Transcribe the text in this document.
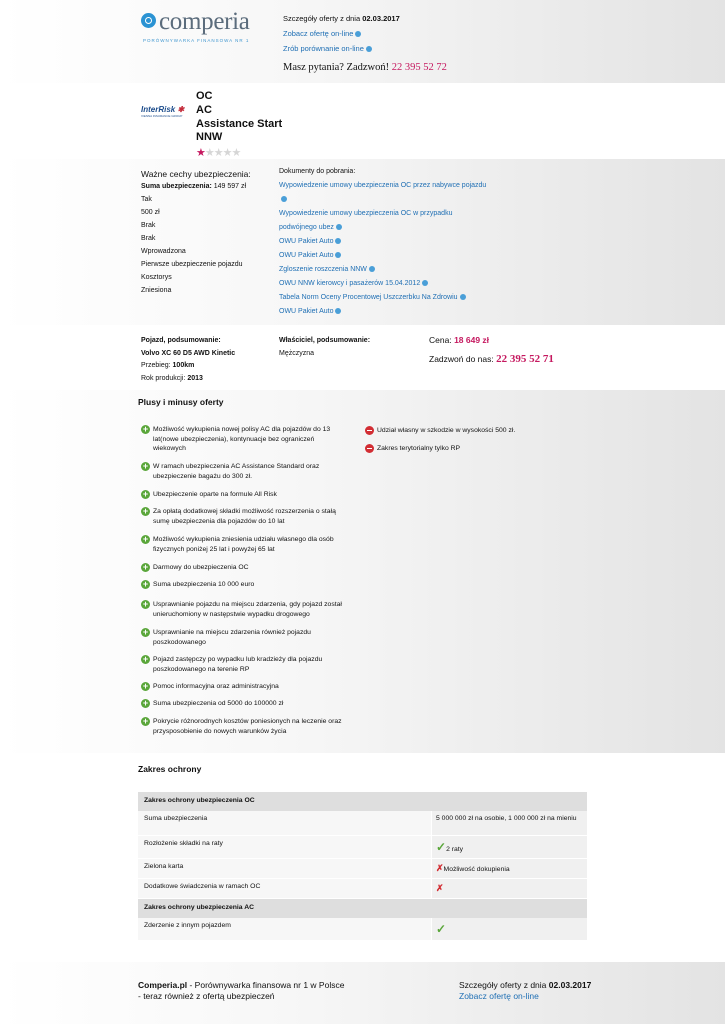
comperia
PORÓWNYWARKA FINANSOWA NR 1
Szczegóły oferty z dnia 02.03.2017
Zobacz ofertę on-line
Zrób porównanie on-line
Masz pytania? Zadzwoń! 22 395 52 72
InterRisk ✱
VIENNA INSURANCE GROUP
OC
AC
Assistance Start
NNW
★★★★★
Ważne cechy ubezpieczenia:
Suma ubezpieczenia: 149 597 zł
Tak
500 zł
Brak
Brak
Wprowadzona
Pierwsze ubezpieczenie pojazdu
Kosztorys
Zniesiona
Dokumenty do pobrania:
Wypowiedzenie umowy ubezpieczenia OC przez nabywce pojazdu
Wypowiedzenie umowy ubezpieczenia OC w przypadku
podwójnego ubez
OWU Pakiet Auto
OWU Pakiet Auto
Zgloszenie roszczenia NNW
OWU NNW kierowcy i pasażerów 15.04.2012
Tabela Norm Oceny Procentowej Uszczerbku Na Zdrowiu
OWU Pakiet Auto
Pojazd, podsumowanie:
Volvo XC 60 D5 AWD Kinetic
Przebieg: 100km
Rok produkcji: 2013
Właściciel, podsumowanie:
Mężczyzna
Cena: 18 649 zł
Zadzwoń do nas: 22 395 52 71
Plusy i minusy oferty
+ Możliwość wykupienia nowej polisy AC dla pojazdów do 13
lat(nowe ubezpieczenia), kontynuacje bez ograniczeń
wiekowych
+ W ramach ubezpieczenia AC Assistance Standard oraz
ubezpieczenie bagażu do 300 zł.
+ Ubezpieczenie oparte na formule All Risk
+ Za opłatą dodatkowej składki możliwość rozszerzenia o stałą
sumę ubezpieczenia dla pojazdów do 10 lat
+ Możliwość wykupienia zniesienia udziału własnego dla osób
fizycznych poniżej 25 lat i powyżej 65 lat
+ Darmowy do ubezpieczenia OC
+ Suma ubezpieczenia 10 000 euro
+ Usprawnianie pojazdu na miejscu zdarzenia, gdy pojazd został
unieruchomiony w następstwie wypadku drogowego
+ Usprawnianie na miejscu zdarzenia również pojazdu
poszkodowanego
+ Pojazd zastępczy po wypadku lub kradzieży dla pojazdu
poszkodowanego na terenie RP
+ Pomoc informacyjna oraz administracyjna
+ Suma ubezpieczenia od 5000 do 100000 zł
+ Pokrycie różnorodnych kosztów poniesionych na leczenie oraz
przysposobienie do nowych warunków życia
Udział własny w szkodzie w wysokości 500 zł.
Zakres terytorialny tylko RP
Zakres ochrony
Zakres ochrony ubezpieczenia OC
Suma ubezpieczenia	5 000 000 zł na osobie, 1 000 000 zł na mieniu
Rozłożenie składki na raty	✓2 raty
Zielona karta	✗Możliwość dokupienia
Dodatkowe świadczenia w ramach OC	✗
Zakres ochrony ubezpieczenia AC
Zderzenie z innym pojazdem	✓
Comperia.pl - Porównywarka finansowa nr 1 w Polsce
- teraz również z ofertą ubezpieczeń
Szczegóły oferty z dnia 02.03.2017
Zobacz ofertę on-line
